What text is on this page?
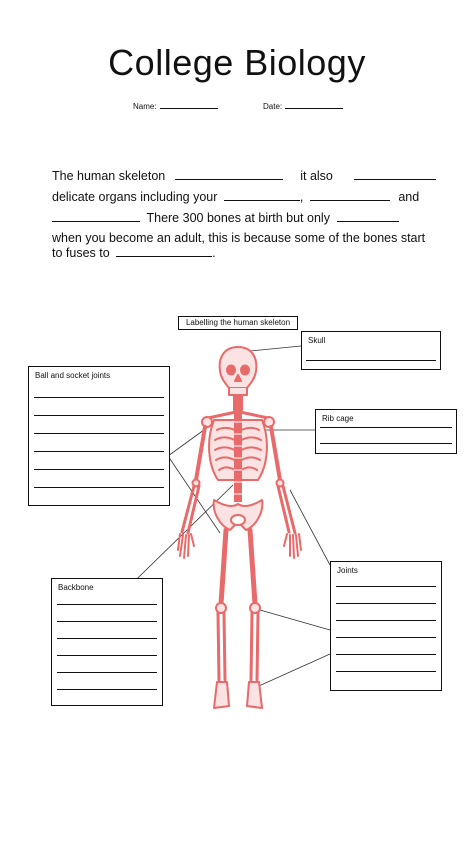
College Biology
Name:	Date:
The human skeleton	it also
delicate organs including your	,	and
There 300 bones at birth but only
when you become an adult, this is because some of the bones start
to fuses to	.
Labelling the human skeleton
Skull
Ball and socket joints
Rib cage
Backbone
Joints
